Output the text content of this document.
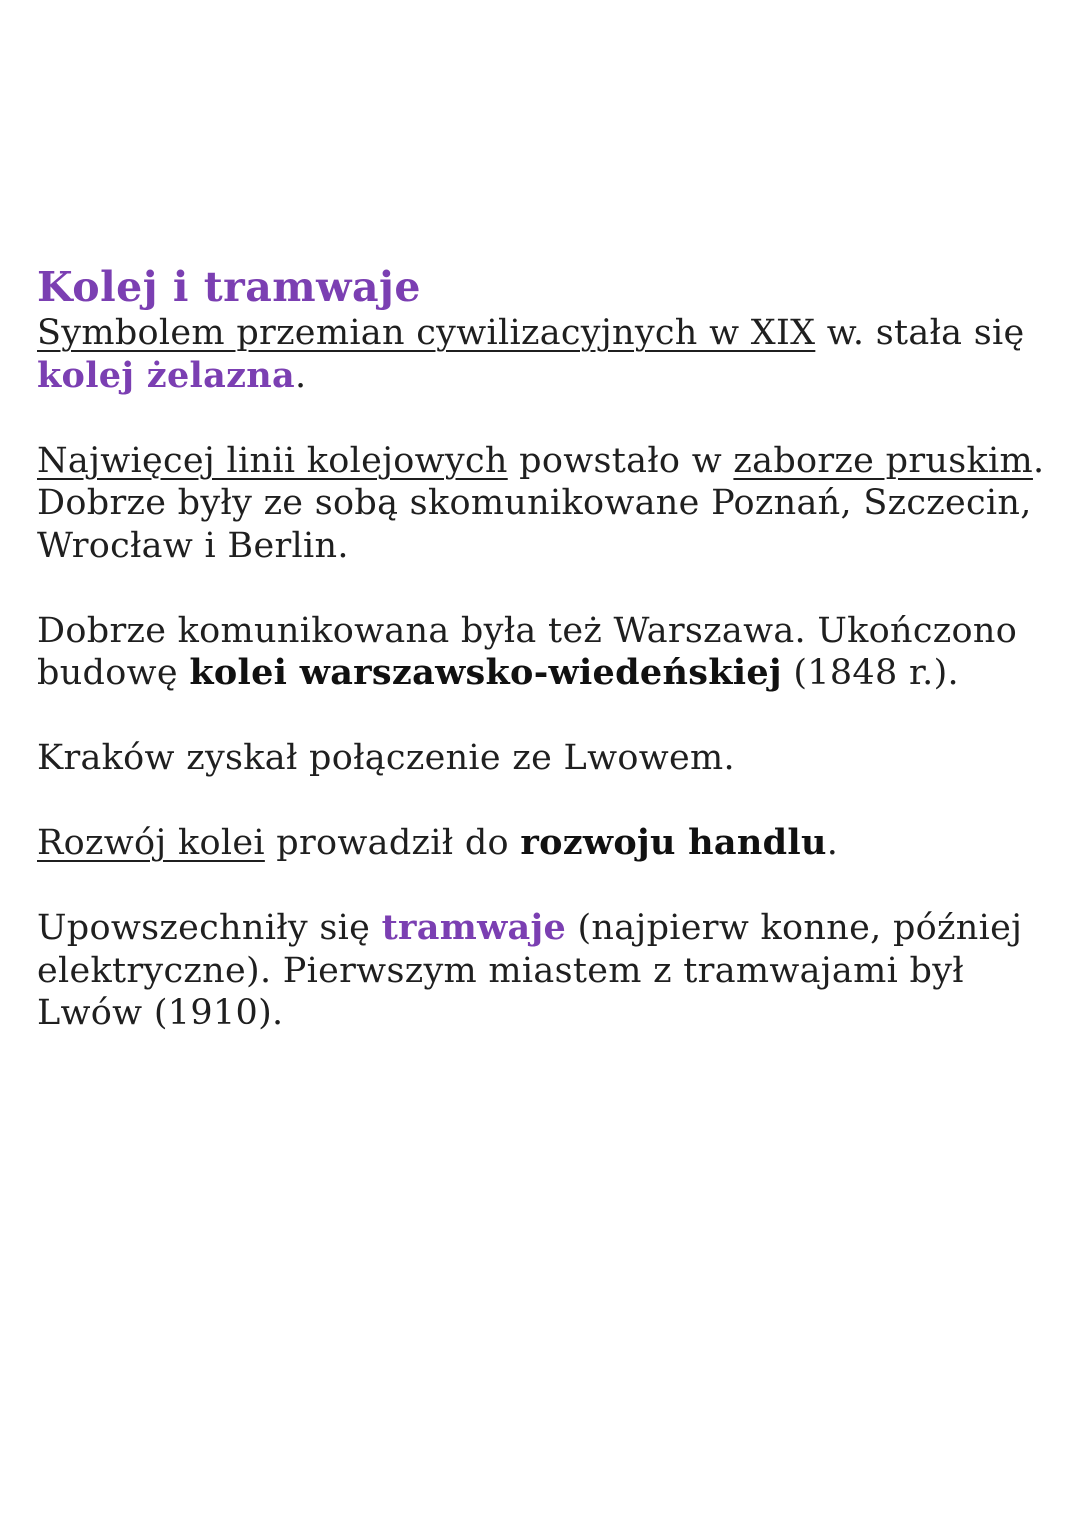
Kolej i tramwaje

Symbolem przemian cywilizacyjnych w XIX w. stała się kolej żelazna.

Najwięcej linii kolejowych powstało w zaborze pruskim. Dobrze były ze sobą skomunikowane Poznań, Szczecin, Wrocław i Berlin.

Dobrze komunikowana była też Warszawa. Ukończono budowę kolei warszawsko-wiedeńskiej (1848 r.).

Kraków zyskał połączenie ze Lwowem.

Rozwój kolei prowadził do rozwoju handlu.

Upowszechniły się tramwaje (najpierw konne, później elektryczne). Pierwszym miastem z tramwajami był Lwów (1910).
